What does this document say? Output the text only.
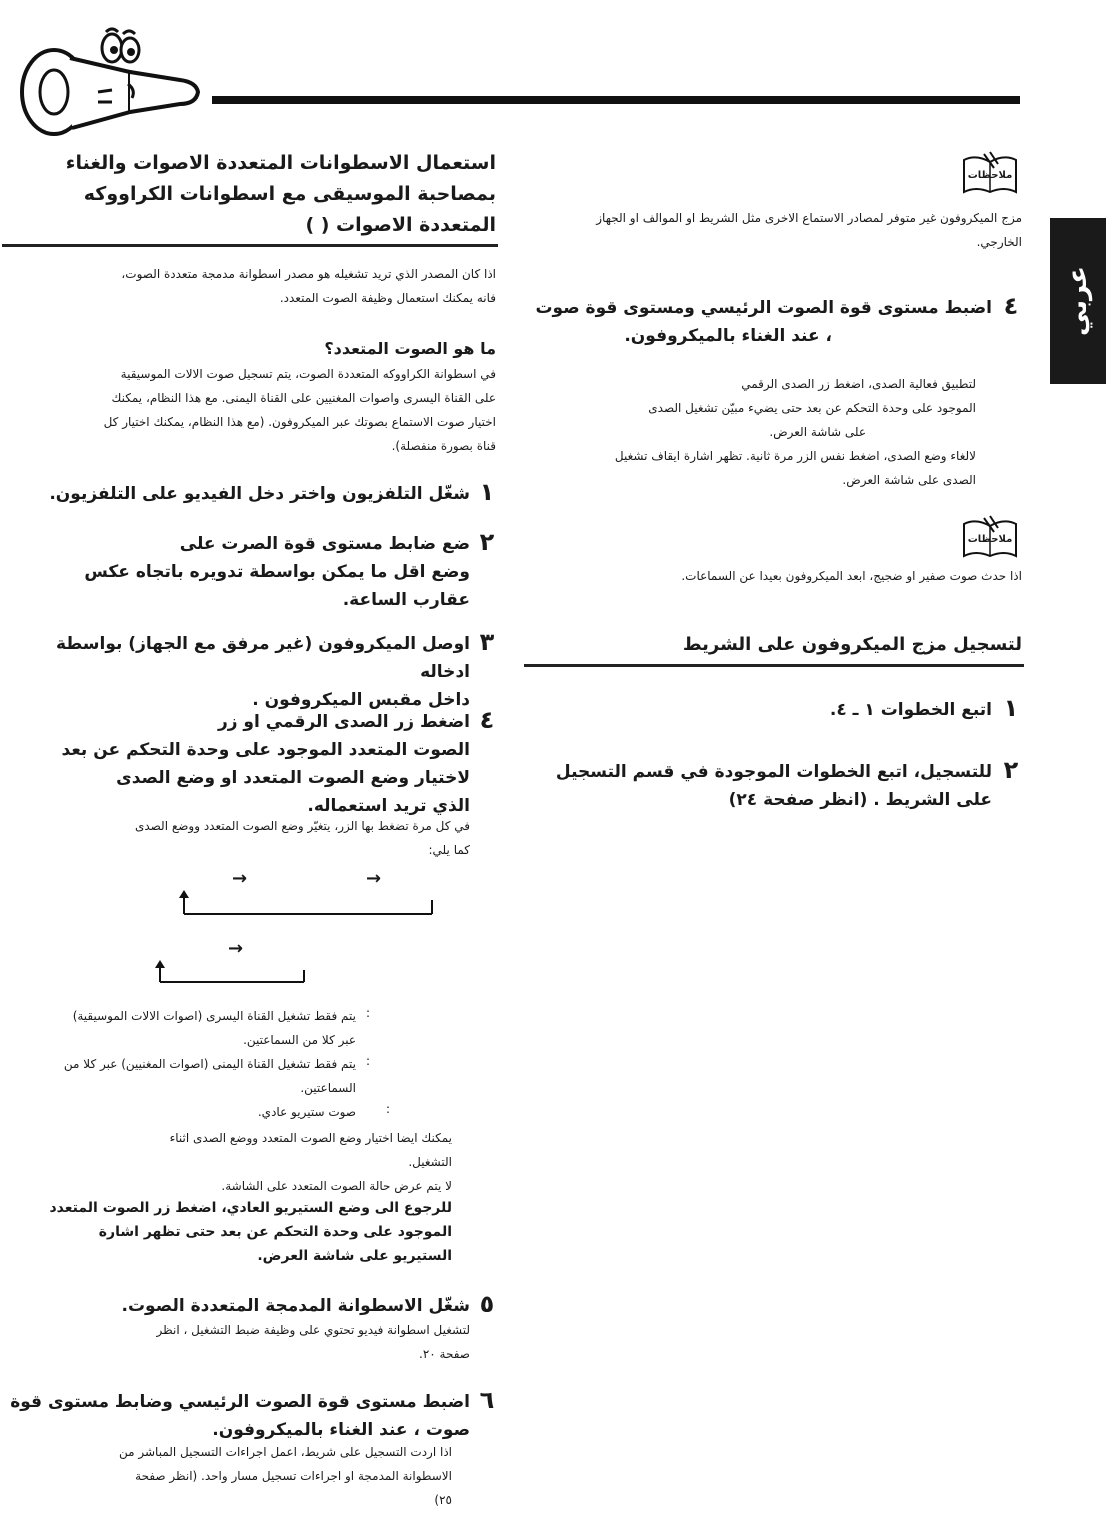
عربي
استعمال الاسطوانات المتعددة الاصوات والغناء
بمصاحبة الموسيقى مع اسطوانات الكراووكه
المتعددة الاصوات ( )
اذا كان المصدر الذي تريد تشغيله هو مصدر اسطوانة مدمجة متعددة الصوت،
فانه يمكنك استعمال وظيفة الصوت المتعدد.
ما هو الصوت المتعدد؟
في اسطوانة الكراووكه المتعددة الصوت، يتم تسجيل صوت الالات الموسيقية
على القناة اليسرى واصوات المغنيين على القناة اليمنى. مع هذا النظام، يمكنك
اختيار صوت الاستماع بصوتك عبر الميكروفون. (مع هذا النظام، يمكنك اختيار كل
قناة بصورة منفصلة).
١
شغّل التلفزيون واختر دخل الفيديو على التلفزيون.
٢
ضع ضابط مستوى قوة الصرت على
وضع اقل ما يمكن بواسطة تدويره باتجاه عكس
عقارب الساعة.
٣
اوصل الميكروفون (غير مرفق مع الجهاز) بواسطة ادخاله
داخل مقبس الميكروفون .
٤
اضغط زر الصدى الرقمي او زر
الصوت المتعدد الموجود على وحدة التحكم عن بعد
لاختيار وضع الصوت المتعدد او وضع الصدى
الذي تريد استعماله.
في كل مرة تضغط بها الزر، يتغيّر وضع الصوت المتعدد ووضع الصدى
كما يلي:
→	→
→
يتم فقط تشغيل القناة اليسرى (اصوات الالات الموسيقية)
عبر كلا من السماعتين.
يتم فقط تشغيل القناة اليمنى (اصوات المغنيين) عبر كلا من
السماعتين.
صوت ستيريو عادي.
:
:
:
يمكنك ايضا اختيار وضع الصوت المتعدد ووضع الصدى اثناء
التشغيل.
لا يتم عرض حالة الصوت المتعدد على الشاشة.
للرجوع الى وضع الستيريو العادي، اضغط زر الصوت المتعدد
الموجود على وحدة التحكم عن بعد حتى تظهر اشارة
الستيريو على شاشة العرض.
٥
شغّل الاسطوانة المدمجة المتعددة الصوت.
لتشغيل اسطوانة فيديو تحتوي على وظيفة ضبط التشغيل ، انظر
صفحة ٢٠.
٦
اضبط مستوى قوة الصوت الرئيسي وضابط مستوى قوة
صوت ، عند الغناء بالميكروفون.
اذا اردت التسجيل على شريط، اعمل اجراءات التسجيل المباشر من
الاسطوانة المدمجة او اجراءات تسجيل مسار واحد. (انظر صفحة
٢٥)
ملاحظات
مزج الميكروفون غير متوفر لمصادر الاستماع الاخرى مثل الشريط او الموالف او الجهاز
الخارجي.
٤
اضبط مستوى قوة الصوت الرئيسي ومستوى قوة صوت
، عند الغناء بالميكروفون.
لتطبيق فعالية الصدى، اضغط زر الصدى الرقمي
الموجود على وحدة التحكم عن بعد حتى يضيء مبيّن تشغيل الصدى
على شاشة العرض.
لالغاء وضع الصدى، اضغط نفس الزر مرة ثانية. تظهر اشارة ايقاف تشغيل
الصدى على شاشة العرض.
ملاحظات
اذا حدث صوت صفير او ضجيج، ابعد الميكروفون بعيدا عن السماعات.
لتسجيل مزج الميكروفون على الشريط
١
اتبع الخطوات ١ ـ ٤.
٢
للتسجيل، اتبع الخطوات الموجودة في قسم التسجيل
على الشريط . (انظر صفحة ٢٤)
